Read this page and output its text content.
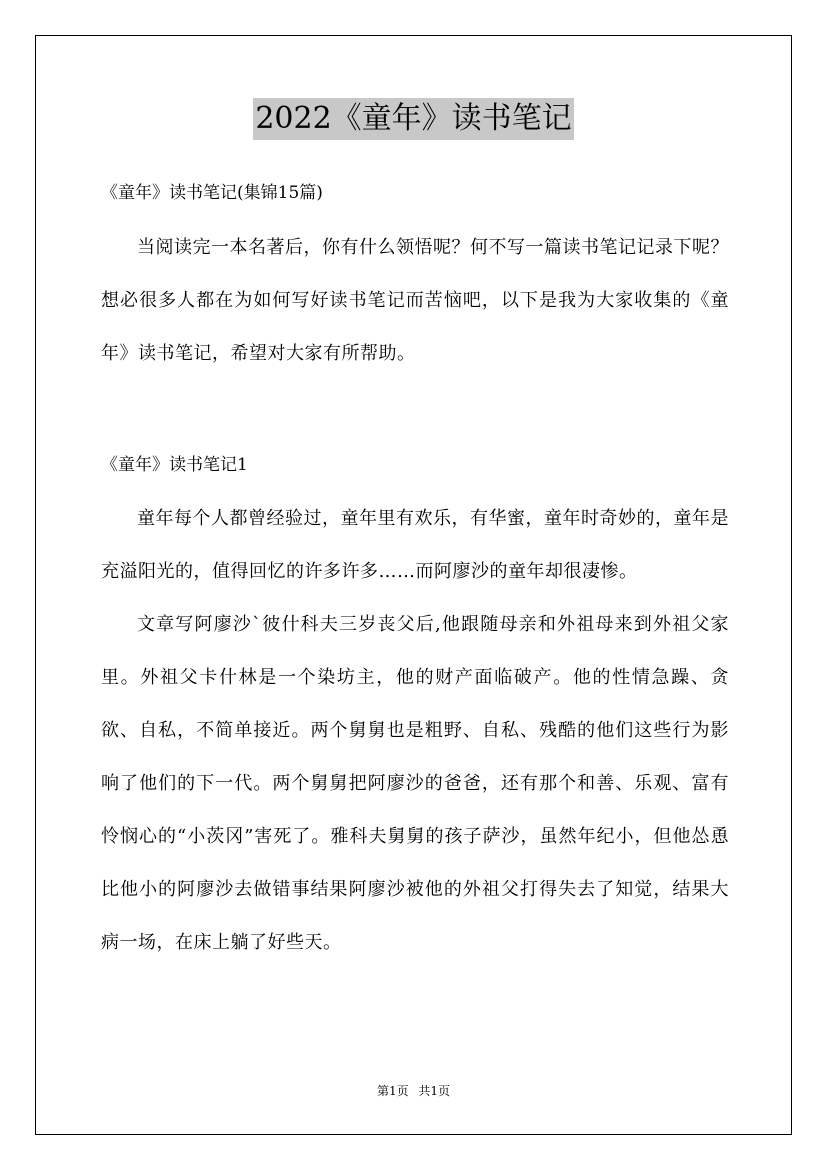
2022《童年》读书笔记
《童年》读书笔记(集锦15篇)

当阅读完一本名著后，你有什么领悟呢？何不写一篇读书笔记记录下呢？想必很多人都在为如何写好读书笔记而苦恼吧，以下是我为大家收集的《童年》读书笔记，希望对大家有所帮助。

《童年》读书笔记1

童年每个人都曾经验过，童年里有欢乐，有华蜜，童年时奇妙的，童年是充溢阳光的，值得回忆的许多许多……而阿廖沙的童年却很凄惨。

文章写阿廖沙`彼什科夫三岁丧父后,他跟随母亲和外祖母来到外祖父家里。外祖父卡什林是一个染坊主，他的财产面临破产。他的性情急躁、贪欲、自私，不简单接近。两个舅舅也是粗野、自私、残酷的他们这些行为影响了他们的下一代。两个舅舅把阿廖沙的爸爸，还有那个和善、乐观、富有怜悯心的“小茨冈”害死了。雅科夫舅舅的孩子萨沙，虽然年纪小，但他怂恿比他小的阿廖沙去做错事结果阿廖沙被他的外祖父打得失去了知觉，结果大病一场，在床上躺了好些天。

第1页 共1页
